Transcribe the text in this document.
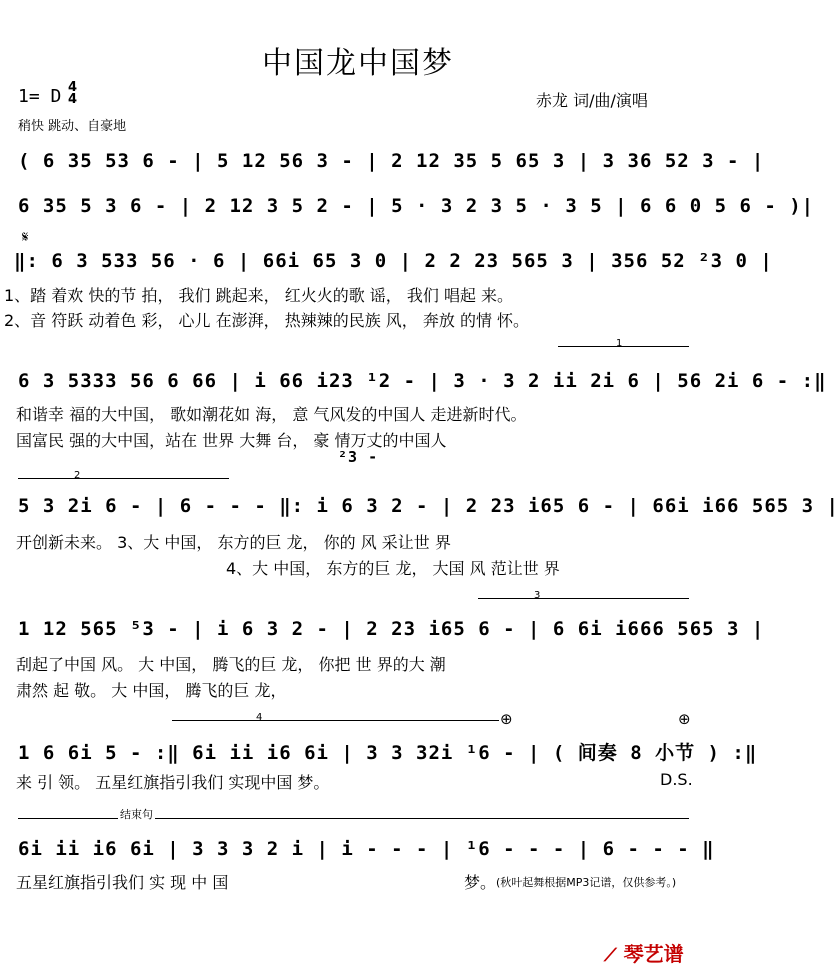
中国龙中国梦
1= D 4
4
稍快 跳动、自豪地
赤龙 词/曲/演唱
( 6 35 53 6 - | 5 12 56 3 - | 2 12 35 5 65 3 | 3 36 52 3 - |
6 35 5 3 6 - | 2 12 3 5 2 - | 5 · 3 2 3 5 · 3 5 | 6 6 0 5 6 - )|
𝄋
‖: 6 3 533 56 · 6 | 66i 65 3 0 | 2 2 23 565 3 | 356 52 ²3 0 |
1、踏 着欢 快的节 拍， 我们 跳起来， 红火火的歌 谣， 我们 唱起 来。
2、音 符跃 动着色 彩， 心儿 在澎湃， 热辣辣的民族 风， 奔放 的情 怀。
1
6 3 5333 56 6 66 | i 66 i23 ¹2 - | 3 · 3 2 ii 2i 6 | 56 2i 6 - :‖
和谐幸 福的大中国， 歌如潮花如 海， 意 气风发的中国人 走进新时代。
国富民 强的大中国，站在 世界 大舞 台， 豪 情万丈的中国人
²3 -
2
5 3 2i 6 - | 6 - - - ‖: i 6 3 2 - | 2 23 i65 6 - | 66i i66 565 3 |
开创新未来。 3、大 中国， 东方的巨 龙， 你的 风 采让世 界
4、大 中国， 东方的巨 龙， 大国 风 范让世 界
3
1 12 565 ⁵3 - | i 6 3 2 - | 2 23 i65 6 - | 6 6i i666 565 3 |
刮起了中国 风。 大 中国， 腾飞的巨 龙， 你把 世 界的大 潮
肃然 起 敬。 大 中国， 腾飞的巨 龙，
4	⊕	⊕
1 6 6i 5 - :‖ 6i ii i6 6i | 3 3 32i ¹6 - | ( 间奏 8 小节 ) :‖
来 引 领。 五星红旗指引我们 实现中国 梦。	D.S.
结束句
6i ii i6 6i | 3 3 3 2 i | i - - - | ¹6 - - - | 6 - - - ‖
五星红旗指引我们 实 现 中 国	梦。 (秋叶起舞根据MP3记谱，仅供参考。)
⟋ 琴艺谱
